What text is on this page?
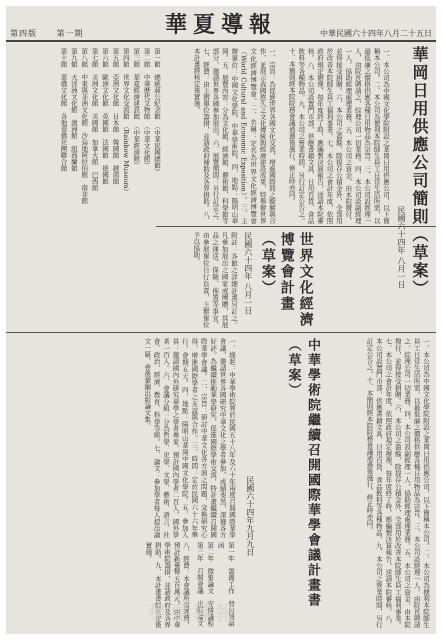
第四版 第一期	華夏導報	中華民國六十四年八月二十五日
華岡日用供應公司簡則（草案）
民國六十四年 八月一日
一、本公司為中國文化學院附設之華岡日用供應公司，以下簡稱本公司。二、本公司為便利本院師生員工日常生活所需，以最低廉之價格供應各種日用物品為宗旨。三、本公司設經理一人，由院長聘請之，綜理公司一切業務。四、本公司設副經理一人，協助經理處理業務。五、本公司之資金，由本院撥付，並得接受捐贈。六、本公司之盈餘，除提存公積金外，全部用於改善本院師生員工福利事業。七、本公司之會計年度，依照政府規定辦理，每年度終了時，應編製決算報告，送請本院審核。八、本公司設置門市部，供應書籍文具、日用百貨、食品飲料等各種物品。九、本公司之營業時間，另行訂定公告之。十、本簡則經本院院務會議通過後施行，修正時亦同。
世界文化經濟博覽會計畫（草案）
民國六十四年 八月一日
一、宗旨：為促進世界各國文化交流，增進國際間之瞭解與合作，並展示我國悠久之文化傳統與經濟建設成果，特舉辦世界文化經濟博覽會。二、名稱：定名為世界文化經濟博覽會（World Cultural and Economic Exposition）。三、主辦單位：中國文化學院、中華學術院。四、地點：陽明山華岡。五、展覽內容：分為文化館、經濟館、藝術館、科學館等部分，邀請世界各國參加展出。六、展覽期間：另行訂定之。七、經費：由主辦單位籌措，並請政府補助及各界捐助。八、本計畫經核定後實施。
第一館　總統蔣公紀念館　（中華民國總館）
第二館　中華歷代文物館　（中華文化館）
第三館　華夏經濟建設館　（中華經濟館）
第四館　世界文化交流館　（Rainbow Museum）
第五館　亞洲文化館　日本館　韓國館　越南館
第六館　歐洲文化館　英國館　法國館　德國館
第七館　美洲文化館　美國館　加拿大館　巴西館
第八館　中東與非洲文化館　沙烏地阿拉伯館　南非館
第九館　大洋洲文化館　澳洲館　紐西蘭館
第十館　華僑文化館　各地華僑社團聯合館
附註：各館之詳細計畫另訂之。凡參加展出之國家或團體，其展品之運送、保險、佈置等事宜，由參展單位自行負責，主辦單位予以協助。
中華學術院繼續召開國際華學會議計畫書（草案）
民國六十四年九月九日
一、緣起：中華學術院曾於民國五十八年及六十年兩度召開國際華學會議，邀請世界各國研究中華文化之學者參加，成績斐然，深獲各方好評。為繼續推動華學研究，促進國際學術交流，特計畫繼續召開國際華學會議。二、宗旨：研討中華文化各方面之問題，交換研究心得，增進國際學者之友誼與合作。三、時間：定於民國六十六年舉行，會期五天。四、地點：陽明山華岡中國文化學院。五、參加人員：邀請國內外研究華學之學者專家，預計國內學者二百人，國外學者一百人。六、會議分組：分為哲學、史學、文學、藝術、語言、社會、政治、經濟、教育、科學等組。七、論文：參加學者每人提出論文一篇，會後彙編出版論文集。
第一年　籌備工作　發出邀請函
第二年　徵集論文　安排議程
第三年　召開會議　出版論文
八、經費：本會議所需經費，預計新臺幣五百萬元，由中華學術院籌措，並請政府及各界捐助。九、本計畫書經核定後實施。	一、本公司為中國文化學院附設之華岡日用供應公司，以下簡稱本公司。二、本公司為便利本院師生員工日常生活所需，以最低廉之價格供應各種日用物品為宗旨。三、本公司設經理一人，由院長聘請之，綜理公司一切業務。四、本公司設副經理一人，協助經理處理業務。五、本公司之資金，由本院撥付，並得接受捐贈。六、本公司之盈餘，除提存公積金外，全部用於改善本院師生員工福利事業。七、本公司之會計年度，依照政府規定辦理，每年度終了時，應編製決算報告，送請本院審核。八、本公司設置門市部，供應書籍文具、日用百貨、食品飲料等各種物品。九、本公司之營業時間，另行訂定公告之。十、本簡則經本院院務會議通過後施行，修正時亦同。
華夏導報
